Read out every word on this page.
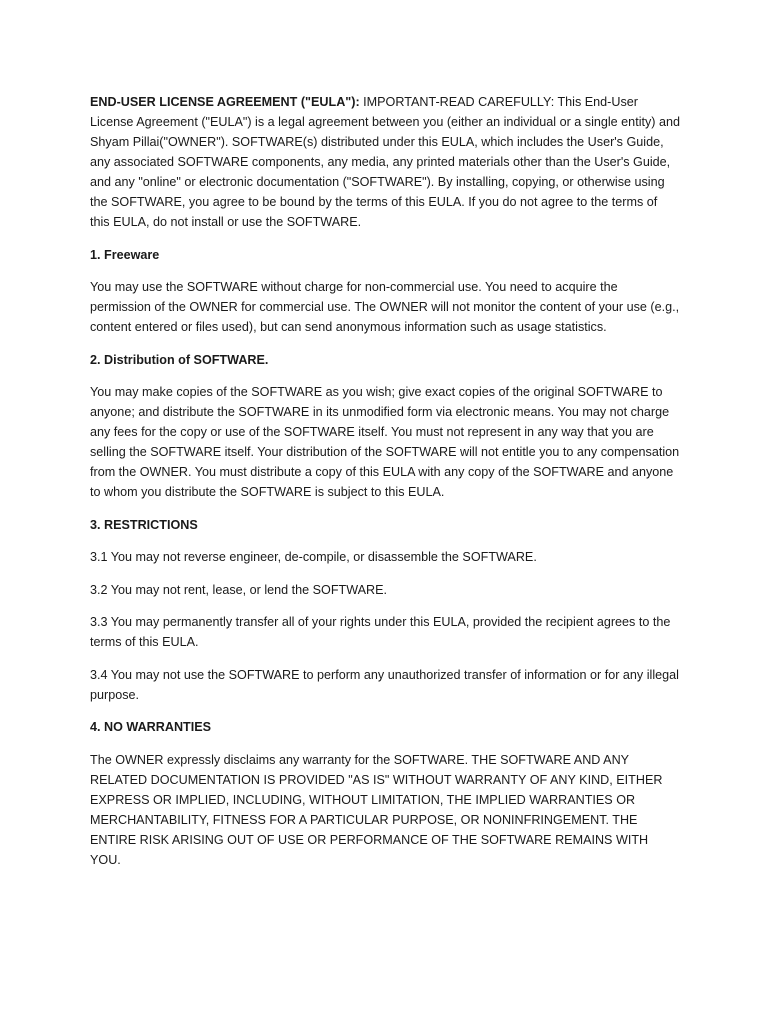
END-USER LICENSE AGREEMENT ("EULA"): IMPORTANT-READ CAREFULLY: This End-User License Agreement ("EULA") is a legal agreement between you (either an individual or a single entity) and Shyam Pillai("OWNER"). SOFTWARE(s) distributed under this EULA, which includes the User's Guide, any associated SOFTWARE components, any media, any printed materials other than the User's Guide, and any "online" or electronic documentation ("SOFTWARE"). By installing, copying, or otherwise using the SOFTWARE, you agree to be bound by the terms of this EULA. If you do not agree to the terms of this EULA, do not install or use the SOFTWARE.

1. Freeware

You may use the SOFTWARE without charge for non-commercial use. You need to acquire the permission of the OWNER for commercial use. The OWNER will not monitor the content of your use (e.g., content entered or files used), but can send anonymous information such as usage statistics.

2. Distribution of SOFTWARE.

You may make copies of the SOFTWARE as you wish; give exact copies of the original SOFTWARE to anyone; and distribute the SOFTWARE in its unmodified form via electronic means. You may not charge any fees for the copy or use of the SOFTWARE itself. You must not represent in any way that you are selling the SOFTWARE itself. Your distribution of the SOFTWARE will not entitle you to any compensation from the OWNER. You must distribute a copy of this EULA with any copy of the SOFTWARE and anyone to whom you distribute the SOFTWARE is subject to this EULA.

3. RESTRICTIONS

3.1 You may not reverse engineer, de-compile, or disassemble the SOFTWARE.

3.2 You may not rent, lease, or lend the SOFTWARE.

3.3 You may permanently transfer all of your rights under this EULA, provided the recipient agrees to the terms of this EULA.

3.4 You may not use the SOFTWARE to perform any unauthorized transfer of information or for any illegal purpose.

4. NO WARRANTIES

The OWNER expressly disclaims any warranty for the SOFTWARE. THE SOFTWARE AND ANY RELATED DOCUMENTATION IS PROVIDED "AS IS" WITHOUT WARRANTY OF ANY KIND, EITHER EXPRESS OR IMPLIED, INCLUDING, WITHOUT LIMITATION, THE IMPLIED WARRANTIES OR MERCHANTABILITY, FITNESS FOR A PARTICULAR PURPOSE, OR NONINFRINGEMENT. THE ENTIRE RISK ARISING OUT OF USE OR PERFORMANCE OF THE SOFTWARE REMAINS WITH YOU.
